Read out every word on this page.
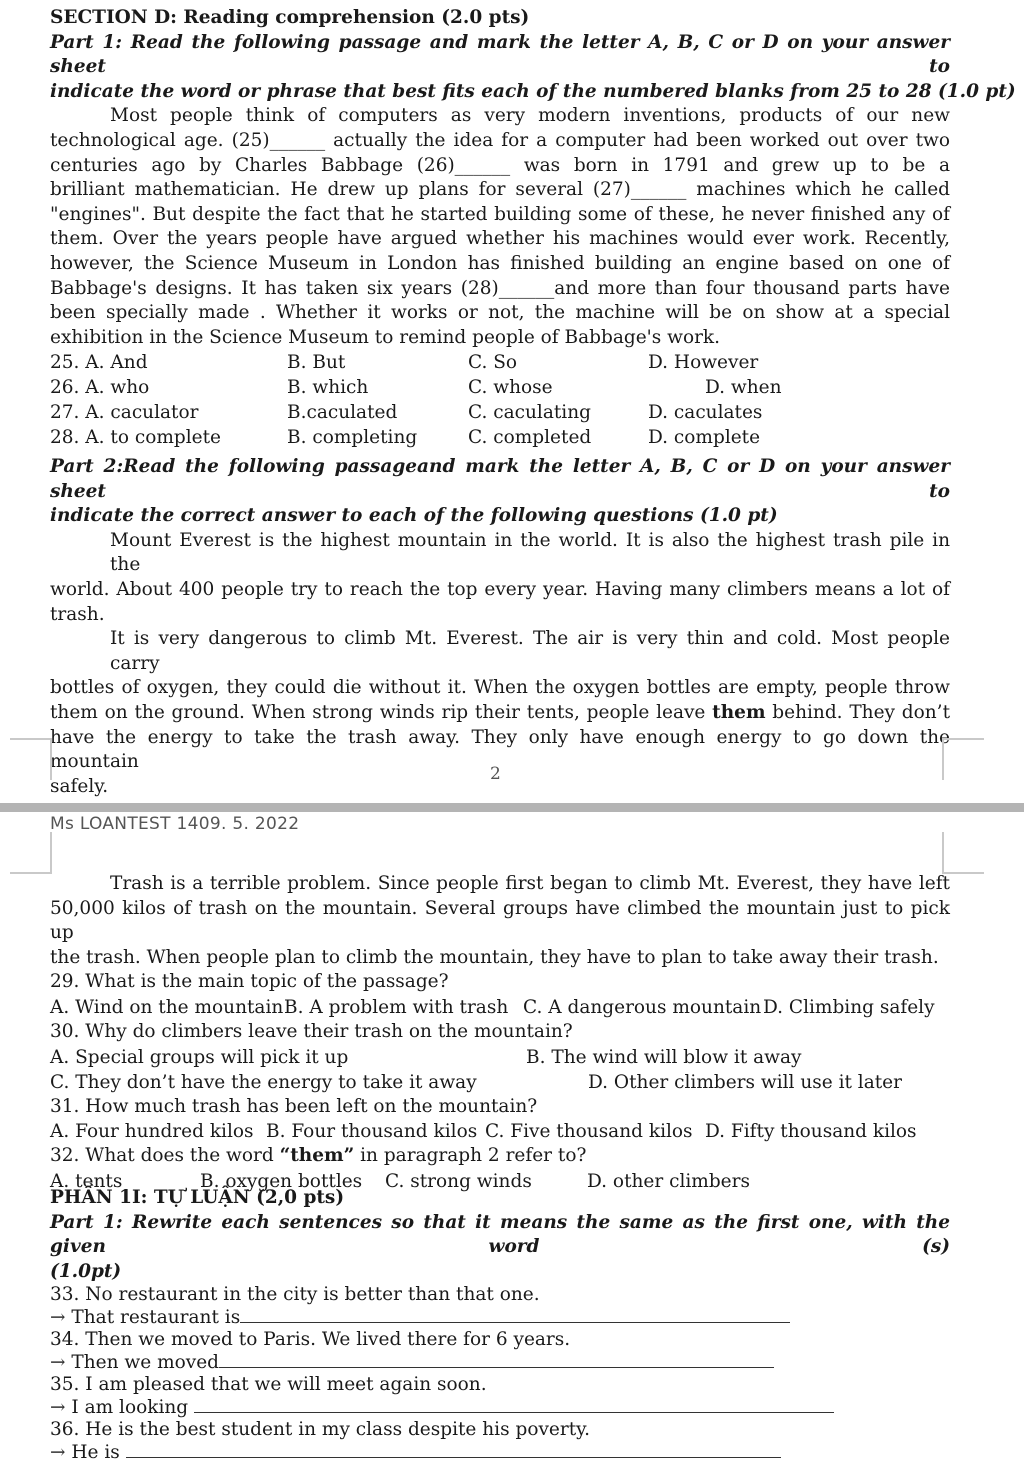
SECTION D: Reading comprehension (2.0 pts)
Part 1: Read the following passage and mark the letter A, B, C or D on your answer sheet to
indicate the word or phrase that best fits each of the numbered blanks from 25 to 28 (1.0 pt)
Most people think of computers as very modern inventions, products of our new
technological age. (25)______ actually the idea for a computer had been worked out over two
centuries ago by Charles Babbage (26)______ was born in 1791 and grew up to be a
brilliant mathematician. He drew up plans for several (27)______ machines which he called
"engines". But despite the fact that he started building some of these, he never finished any of
them. Over the years people have argued whether his machines would ever work. Recently,
however, the Science Museum in London has finished building an engine based on one of
Babbage's designs. It has taken six years (28)______and more than four thousand parts have
been specially made . Whether it works or not, the machine will be on show at a special
exhibition in the Science Museum to remind people of Babbage's work.
25. A. And	B. But	C. So	D. However
26. A. who	B. which	C. whose	D. when
27. A. caculator	B.caculated	C. caculating	D. caculates
28. A. to complete	B. completing	C. completed	D. complete
Part 2:Read the following passageand mark the letter A, B, C or D on your answer sheet to
indicate the correct answer to each of the following questions (1.0 pt)
Mount Everest is the highest mountain in the world. It is also the highest trash pile in the
world. About 400 people try to reach the top every year. Having many climbers means a lot of
trash.
It is very dangerous to climb Mt. Everest. The air is very thin and cold. Most people carry
bottles of oxygen, they could die without it. When the oxygen bottles are empty, people throw
them on the ground. When strong winds rip their tents, people leave them behind. They don’t
have the energy to take the trash away. They only have enough energy to go down the mountain
safely.
2
Ms LOANTEST 1409. 5. 2022
Trash is a terrible problem. Since people first began to climb Mt. Everest, they have left
50,000 kilos of trash on the mountain. Several groups have climbed the mountain just to pick up
the trash. When people plan to climb the mountain, they have to plan to take away their trash.
29. What is the main topic of the passage?
A. Wind on the mountain B. A problem with trash C. A dangerous mountain D. Climbing safely
30. Why do climbers leave their trash on the mountain?
A. Special groups will pick it up	B. The wind will blow it away
C. They don’t have the energy to take it away	D. Other climbers will use it later
31. How much trash has been left on the mountain?
A. Four hundred kilos B. Four thousand kilos C. Five thousand kilos D. Fifty thousand kilos
32. What does the word “them” in paragraph 2 refer to?
A. tents	B. oxygen bottles C. strong winds	D. other climbers
PHẦN 1I: TỰ LUẬN (2,0 pts)
Part 1: Rewrite each sentences so that it means the same as the first one, with the given word (s)
(1.0pt)
33. No restaurant in the city is better than that one.
→ That restaurant is
34. Then we moved to Paris. We lived there for 6 years.
→ Then we moved
35. I am pleased that we will meet again soon.
→ I am looking
36. He is the best student in my class despite his poverty.
→ He is
